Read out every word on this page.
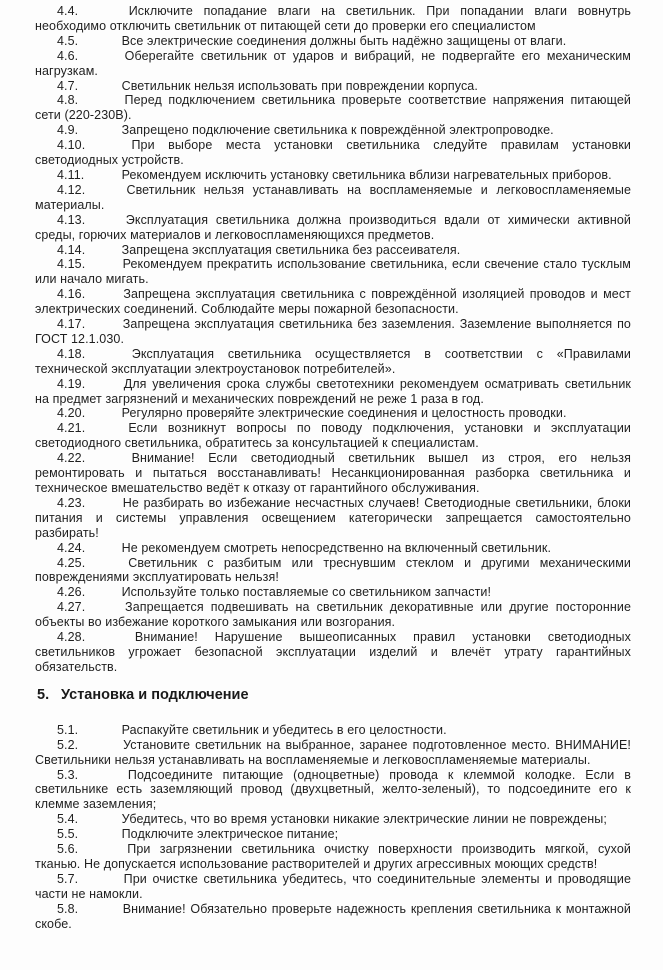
4.4.	Исключите попадание влаги на светильник. При попадании влаги вовнутрь необходимо отключить светильник от питающей сети до проверки его специалистом

4.5.	Все электрические соединения должны быть надёжно защищены от влаги.

4.6.	Оберегайте светильник от ударов и вибраций, не подвергайте его механическим нагрузкам.

4.7.	Светильник нельзя использовать при повреждении корпуса.

4.8.	Перед подключением светильника проверьте соответствие напряжения питающей сети (220-230В).

4.9.	Запрещено подключение светильника к повреждённой электропроводке.

4.10.	При выборе места установки светильника следуйте правилам установки светодиодных устройств.

4.11.	Рекомендуем исключить установку светильника вблизи нагревательных приборов.

4.12.	Светильник нельзя устанавливать на воспламеняемые и легковоспламеняемые материалы.

4.13.	Эксплуатация светильника должна производиться вдали от химически активной среды, горючих материалов и легковоспламеняющихся предметов.

4.14.	Запрещена эксплуатация светильника без рассеивателя.

4.15.	Рекомендуем прекратить использование светильника, если свечение стало тусклым или начало мигать.

4.16.	Запрещена эксплуатация светильника с повреждённой изоляцией проводов и мест электрических соединений. Соблюдайте меры пожарной безопасности.

4.17.	Запрещена эксплуатация светильника без заземления. Заземление выполняется по ГОСТ 12.1.030.

4.18.	Эксплуатация светильника осуществляется в соответствии с «Правилами технической эксплуатации электроустановок потребителей».

4.19.	Для увеличения срока службы светотехники рекомендуем осматривать светильник на предмет загрязнений и механических повреждений не реже 1 раза в год.

4.20.	Регулярно проверяйте электрические соединения и целостность проводки.

4.21.	Если возникнут вопросы по поводу подключения, установки и эксплуатации светодиодного светильника, обратитесь за консультацией к специалистам.

4.22.	Внимание! Если светодиодный светильник вышел из строя, его нельзя ремонтировать и пытаться восстанавливать! Несанкционированная разборка светильника и техническое вмешательство ведёт к отказу от гарантийного обслуживания.

4.23.	Не разбирать во избежание несчастных случаев! Светодиодные светильники, блоки питания и системы управления освещением категорически запрещается самостоятельно разбирать!

4.24.	Не рекомендуем смотреть непосредственно на включенный светильник.

4.25.	Светильник с разбитым или треснувшим стеклом и другими механическими повреждениями эксплуатировать нельзя!

4.26.	Используйте только поставляемые со светильником запчасти!

4.27.	Запрещается подвешивать на светильник декоративные или другие посторонние объекты во избежание короткого замыкания или возгорания.

4.28.	Внимание! Нарушение вышеописанных правил установки светодиодных светильников угрожает безопасной эксплуатации изделий и влечёт утрату гарантийных обязательств.

5. Установка и подключение

5.1.	Распакуйте светильник и убедитесь в его целостности.

5.2.	Установите светильник на выбранное, заранее подготовленное место. ВНИМАНИЕ! Светильники нельзя устанавливать на воспламеняемые и легковоспламеняемые материалы.

5.3.	Подсоедините питающие (одноцветные) провода к клеммой колодке. Если в светильнике есть заземляющий провод (двухцветный, желто-зеленый), то подсоедините его к клемме заземления;

5.4.	Убедитесь, что во время установки никакие электрические линии не повреждены;

5.5.	Подключите электрическое питание;

5.6.	При загрязнении светильника очистку поверхности производить мягкой, сухой тканью. Не допускается использование растворителей и других агрессивных моющих средств!

5.7.	При очистке светильника убедитесь, что соединительные элементы и проводящие части не намокли.

5.8.	Внимание! Обязательно проверьте надежность крепления светильника к монтажной скобе.
